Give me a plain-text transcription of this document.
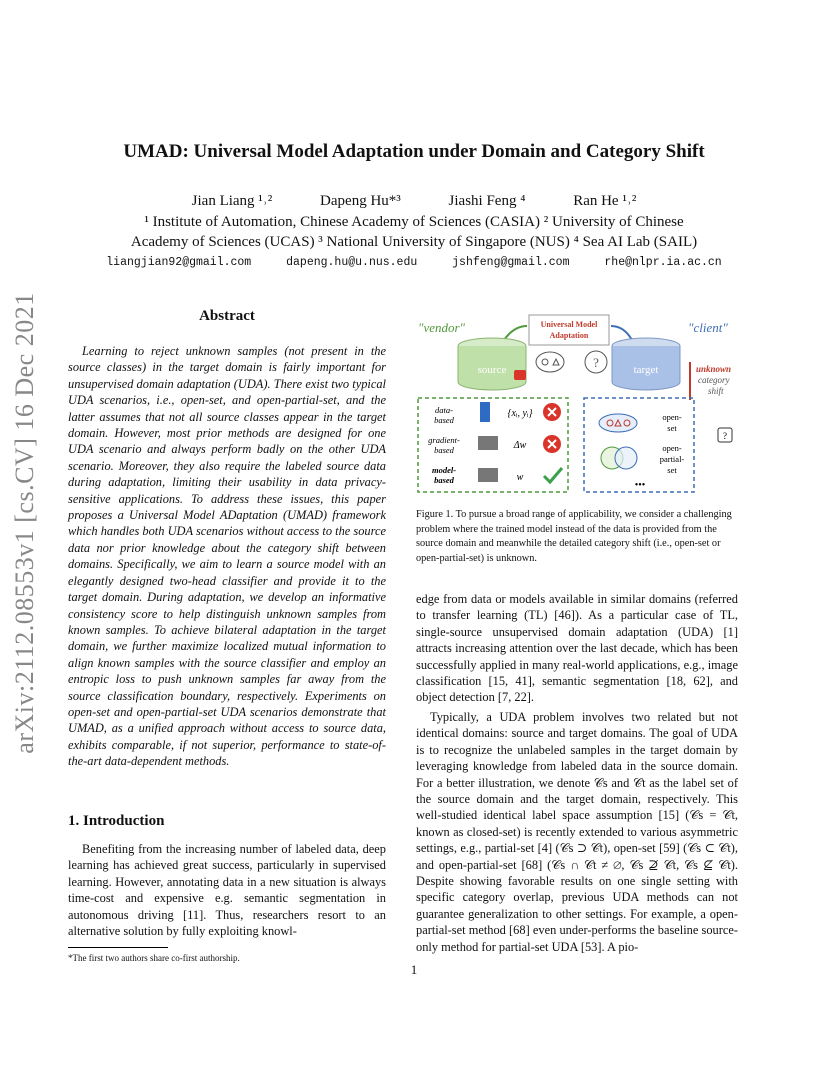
arXiv:2112.08553v1 [cs.CV] 16 Dec 2021
UMAD: Universal Model Adaptation under Domain and Category Shift
Jian Liang ¹˒²	Dapeng Hu*³	Jiashi Feng ⁴	Ran He ¹˒²
¹ Institute of Automation, Chinese Academy of Sciences (CASIA) ² University of Chinese
Academy of Sciences (UCAS) ³ National University of Singapore (NUS) ⁴ Sea AI Lab (SAIL)
liangjian92@gmail.com	dapeng.hu@u.nus.edu	jshfeng@gmail.com	rhe@nlpr.ia.ac.cn
Abstract

Learning to reject unknown samples (not present in the source classes) in the target domain is fairly important for unsupervised domain adaptation (UDA). There exist two typical UDA scenarios, i.e., open-set, and open-partial-set, and the latter assumes that not all source classes appear in the target domain. However, most prior methods are designed for one UDA scenario and always perform badly on the other UDA scenario. Moreover, they also require the labeled source data during adaptation, limiting their usability in data privacy-sensitive applications. To address these issues, this paper proposes a Universal Model ADaptation (UMAD) framework which handles both UDA scenarios without access to the source data nor prior knowledge about the category shift between domains. Specifically, we aim to learn a source model with an elegantly designed two-head classifier and provide it to the target domain. During adaptation, we develop an informative consistency score to help distinguish unknown samples from known samples. To achieve bilateral adaptation in the target domain, we further maximize localized mutual information to align known samples with the source classifier and employ an entropic loss to push unknown samples far away from the source classification boundary, respectively. Experiments on open-set and open-partial-set UDA scenarios demonstrate that UMAD, as a unified approach without access to source data, exhibits comparable, if not superior, performance to state-of-the-art data-dependent methods.

1. Introduction

Benefiting from the increasing number of labeled data, deep learning has achieved great success, particularly in supervised learning. However, annotating data in a new situation is always time-cost and expensive e.g. semantic segmentation in autonomous driving [11]. Thus, researchers resort to an alternative solution by fully exploiting knowl-

*The first two authors share co-first authorship.
"vendor"	"client"
Universal Model
Adaptation
source	?	target	unknown
category
shift
data-
based
{xᵢ, yᵢ}
gradient-
based	Δw
model-
based	w
open-
set
open-
partial-
set
•••
?
Figure 1. To pursue a broad range of applicability, we consider a challenging problem where the trained model instead of the data is provided from the source domain and meanwhile the detailed category shift (i.e., open-set or open-partial-set) is unknown.

edge from data or models available in similar domains (referred to transfer learning (TL) [46]). As a particular case of TL, single-source unsupervised domain adaptation (UDA) [1] attracts increasing attention over the last decade, which has been successfully applied in many real-world applications, e.g., image classification [15, 41], semantic segmentation [18, 62], and object detection [7, 22].

Typically, a UDA problem involves two related but not identical domains: source and target domains. The goal of UDA is to recognize the unlabeled samples in the target domain by leveraging knowledge from labeled data in the source domain. For a better illustration, we denote 𝒞s and 𝒞t as the label set of the source domain and the target domain, respectively. This well-studied identical label space assumption [15] (𝒞s = 𝒞t, known as closed-set) is recently extended to various asymmetric settings, e.g., partial-set [4] (𝒞s ⊃ 𝒞t), open-set [59] (𝒞s ⊂ 𝒞t), and open-partial-set [68] (𝒞s ∩ 𝒞t ≠ ∅, 𝒞s ⊉ 𝒞t, 𝒞s ⊈ 𝒞t). Despite showing favorable results on one single setting with specific category overlap, previous UDA methods can not guarantee generalization to other settings. For example, a open-partial-set method [68] even under-performs the baseline source-only method for partial-set UDA [53]. A pio-

1
